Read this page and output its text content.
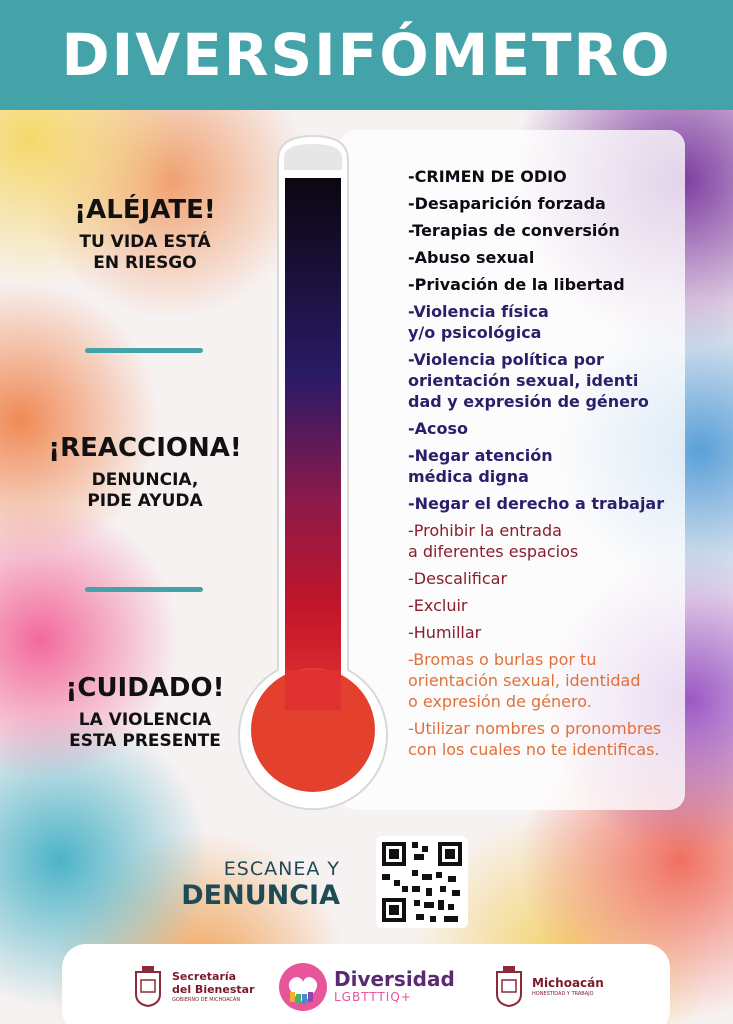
DIVERSIFÓMETRO
¡ALÉJATE!
TU VIDA ESTÁ
EN RIESGO
¡REACCIONA!
DENUNCIA,
PIDE AYUDA
¡CUIDADO!
LA VIOLENCIA
ESTA PRESENTE
-CRIMEN DE ODIO
-Desaparición forzada
-Terapias de conversión
-Abuso sexual
-Privación de la libertad
-Violencia física
y/o psicológica
-Violencia política por
orientación sexual, identi
dad y expresión de género
-Acoso
-Negar atención
médica digna
-Negar el derecho a trabajar
-Prohibir la entrada
a diferentes espacios
-Descalificar
-Excluir
-Humillar
-Bromas o burlas por tu
orientación sexual, identidad
o expresión de género.
-Utilizar nombres o pronombres
con los cuales no te identificas.
ESCANEA Y
DENUNCIA
Secretaría
del Bienestar
GOBIERNO DE MICHOACÁN
Diversidad
LGBTTTIQ+
Michoacán
HONESTIDAD Y TRABAJO
